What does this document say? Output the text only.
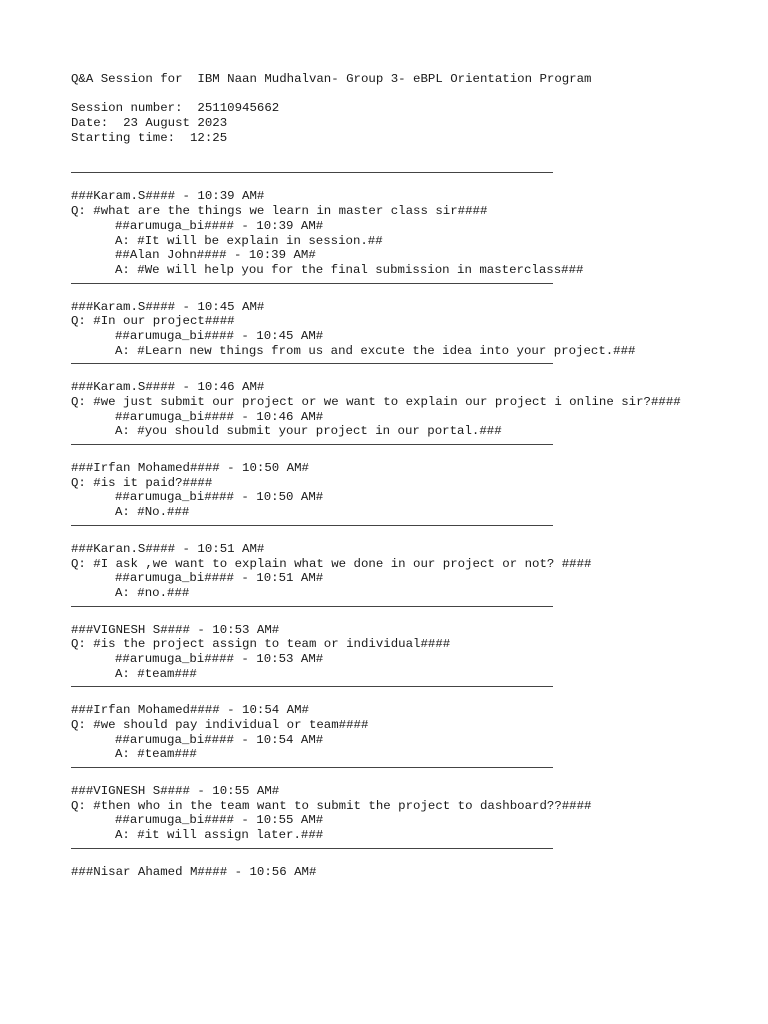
Q&A Session for  IBM Naan Mudhalvan- Group 3- eBPL Orientation Program
Session number: 25110945662
Date: 23 August 2023
Starting time: 12:25
###Karam.S#### - 10:39 AM#
Q: #what are the things we learn in master class sir####
##arumuga_bi#### - 10:39 AM#
A: #It will be explain in session.##
##Alan John#### - 10:39 AM#
A: #We will help you for the final submission in masterclass###
###Karam.S#### - 10:45 AM#
Q: #In our project####
##arumuga_bi#### - 10:45 AM#
A: #Learn new things from us and excute the idea into your project.###
###Karam.S#### - 10:46 AM#
Q: #we just submit our project or we want to explain our project i online sir?####
##arumuga_bi#### - 10:46 AM#
A: #you should submit your project in our portal.###
###Irfan Mohamed#### - 10:50 AM#
Q: #is it paid?####
##arumuga_bi#### - 10:50 AM#
A: #No.###
###Karan.S#### - 10:51 AM#
Q: #I ask ,we want to explain what we done in our project or not? ####
##arumuga_bi#### - 10:51 AM#
A: #no.###
###VIGNESH S#### - 10:53 AM#
Q: #is the project assign to team or individual####
##arumuga_bi#### - 10:53 AM#
A: #team###
###Irfan Mohamed#### - 10:54 AM#
Q: #we should pay individual or team####
##arumuga_bi#### - 10:54 AM#
A: #team###
###VIGNESH S#### - 10:55 AM#
Q: #then who in the team want to submit the project to dashboard??####
##arumuga_bi#### - 10:55 AM#
A: #it will assign later.###
###Nisar Ahamed M#### - 10:56 AM#
